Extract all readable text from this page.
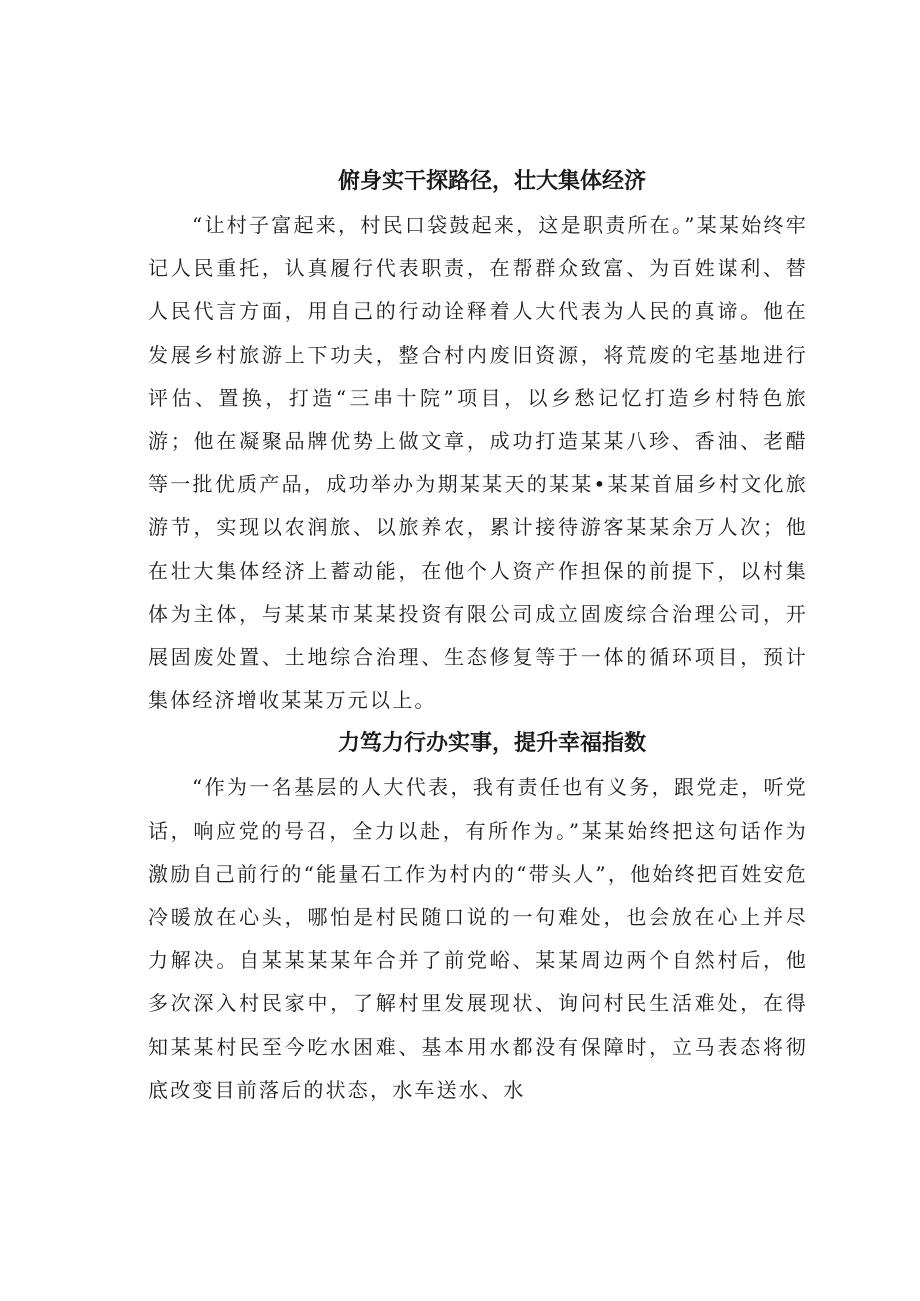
俯身实干探路径，壮大集体经济

“让村子富起来，村民口袋鼓起来，这是职责所在。”某某始终牢记人民重托，认真履行代表职责，在帮群众致富、为百姓谋利、替人民代言方面，用自己的行动诠释着人大代表为人民的真谛。他在发展乡村旅游上下功夫，整合村内废旧资源，将荒废的宅基地进行评估、置换，打造“三串十院”项目，以乡愁记忆打造乡村特色旅游；他在凝聚品牌优势上做文章，成功打造某某八珍、香油、老醋等一批优质产品，成功举办为期某某天的某某•某某首届乡村文化旅游节，实现以农润旅、以旅养农，累计接待游客某某余万人次；他在壮大集体经济上蓄动能，在他个人资产作担保的前提下，以村集体为主体，与某某市某某投资有限公司成立固废综合治理公司，开展固废处置、土地综合治理、生态修复等于一体的循环项目，预计集体经济增收某某万元以上。

力笃力行办实事，提升幸福指数

“作为一名基层的人大代表，我有责任也有义务，跟党走，听党话，响应党的号召，全力以赴，有所作为。”某某始终把这句话作为激励自己前行的“能量石工作为村内的“带头人”，他始终把百姓安危冷暖放在心头，哪怕是村民随口说的一句难处，也会放在心上并尽力解决。自某某某某年合并了前党峪、某某周边两个自然村后，他多次深入村民家中，了解村里发展现状、询问村民生活难处，在得知某某村民至今吃水困难、基本用水都没有保障时，立马表态将彻底改变目前落后的状态，水车送水、水
